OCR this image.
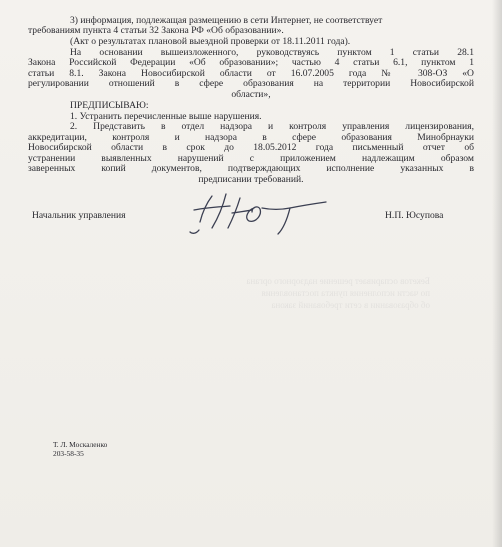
Бекетов оспаривает решение надзорного органа
по части исполнения пункта постановления
об образовании в сети требований закона
3) информация, подлежащая размещению в сети Интернет, не соответствует
требованиям пункта 4 статьи 32 Закона РФ «Об образовании».
(Акт о результатах плановой выездной проверки от 18.11.2011 года).
На основании вышеизложенного, руководствуясь пунктом 1 статьи 28.1
Закона Российской Федерации «Об образовании»; частью 4 статьи 6.1, пунктом 1
статьи 8.1. Закона Новосибирской области от 16.07.2005 года № 308-ОЗ «О
регулировании отношений в сфере образования на территории Новосибирской
области»,
ПРЕДПИСЫВАЮ:
1. Устранить перечисленные выше нарушения.
2. Представить в отдел надзора и контроля управления лицензирования,
аккредитации, контроля и надзора в сфере образования Минобрнауки
Новосибирской области в срок до 18.05.2012 года письменный отчет об
устранении выявленных нарушений с приложением надлежащим образом
заверенных копий документов, подтверждающих исполнение указанных в
предписании требований.
Начальник управления	Н.П. Юсупова
Т. Л. Москаленко
203-58-35
